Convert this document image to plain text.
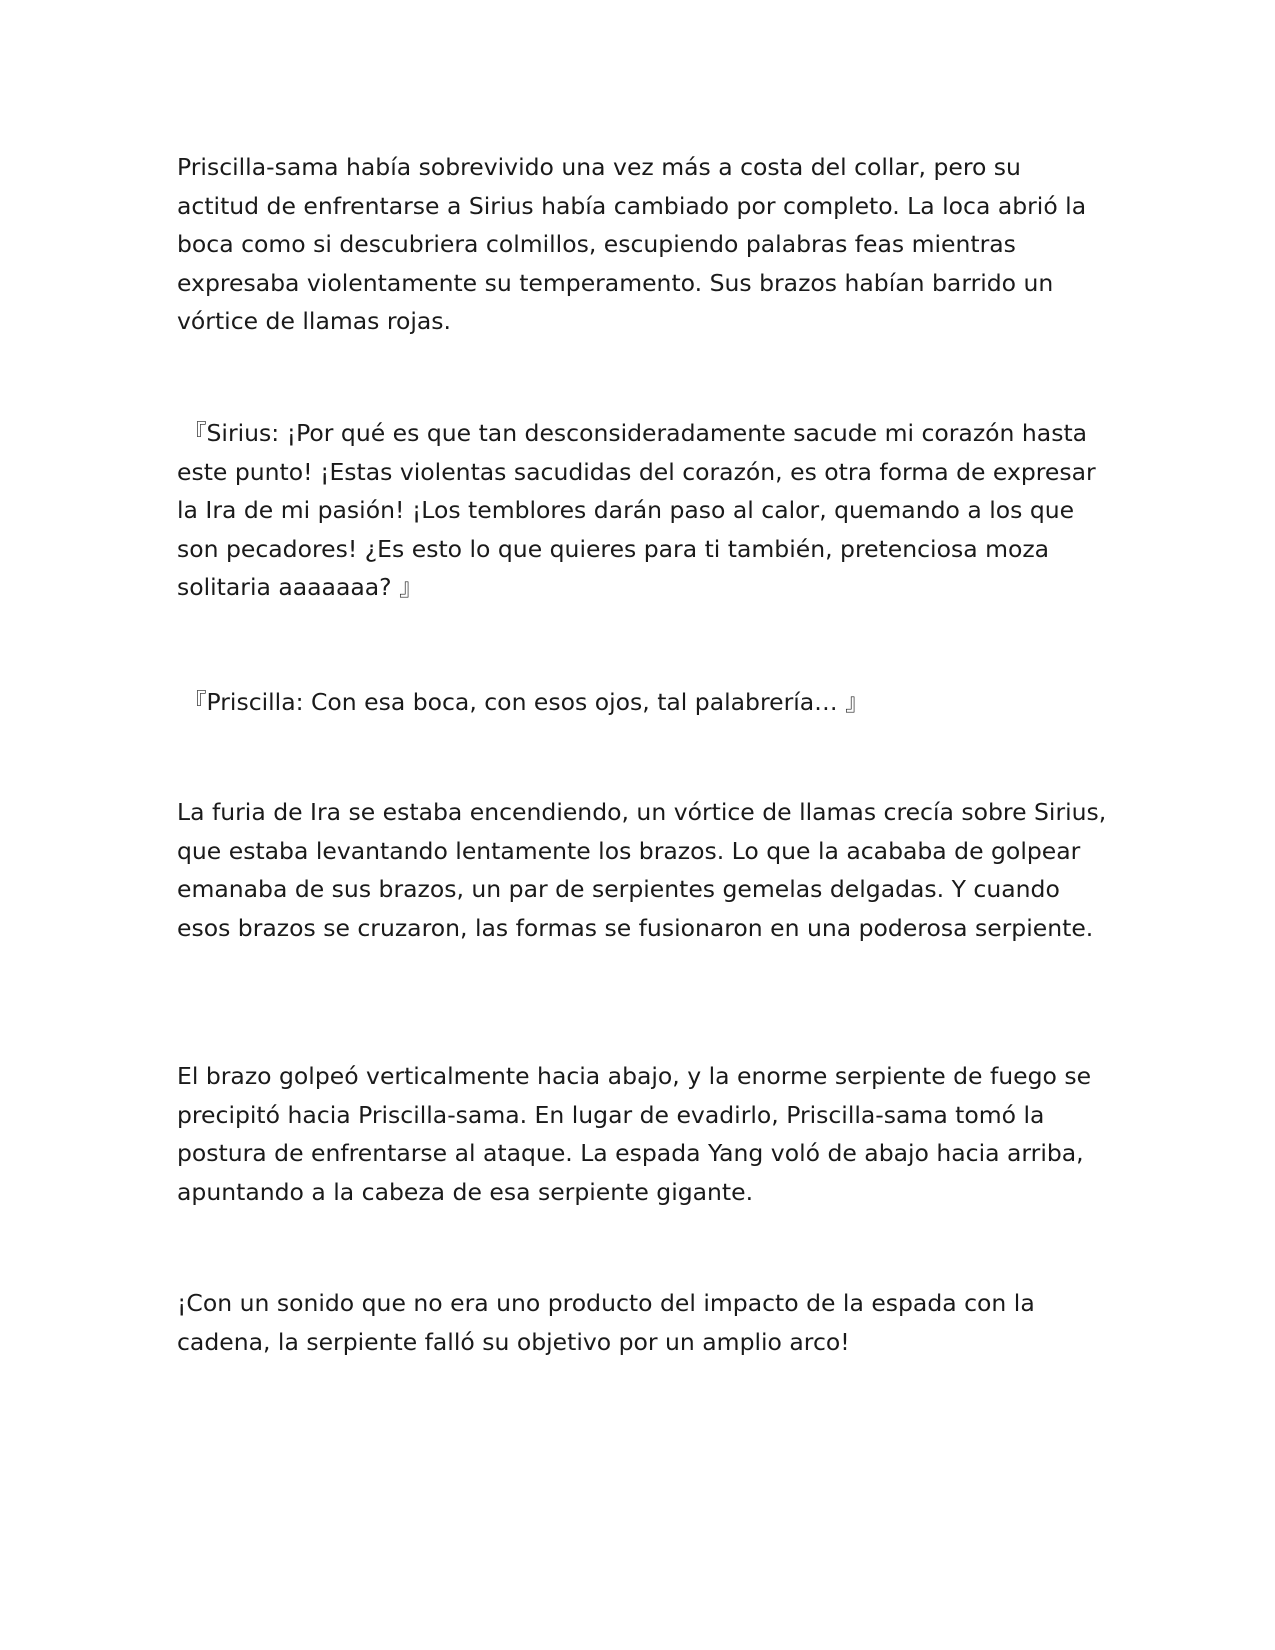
Priscilla-sama había sobrevivido una vez más a costa del collar, pero su actitud de enfrentarse a Sirius había cambiado por completo. La loca abrió la boca como si descubriera colmillos, escupiendo palabras feas mientras expresaba violentamente su temperamento. Sus brazos habían barrido un vórtice de llamas rojas.

『Sirius: ¡Por qué es que tan desconsideradamente sacude mi corazón hasta este punto! ¡Estas violentas sacudidas del corazón, es otra forma de expresar la Ira de mi pasión! ¡Los temblores darán paso al calor, quemando a los que son pecadores! ¿Es esto lo que quieres para ti también, pretenciosa moza solitaria aaaaaaa? 』

『Priscilla: Con esa boca, con esos ojos, tal palabrería… 』

La furia de Ira se estaba encendiendo, un vórtice de llamas crecía sobre Sirius, que estaba levantando lentamente los brazos. Lo que la acababa de golpear emanaba de sus brazos, un par de serpientes gemelas delgadas. Y cuando esos brazos se cruzaron, las formas se fusionaron en una poderosa serpiente.

El brazo golpeó verticalmente hacia abajo, y la enorme serpiente de fuego se precipitó hacia Priscilla-sama. En lugar de evadirlo, Priscilla-sama tomó la postura de enfrentarse al ataque. La espada Yang voló de abajo hacia arriba, apuntando a la cabeza de esa serpiente gigante.

¡Con un sonido que no era uno producto del impacto de la espada con la cadena, la serpiente falló su objetivo por un amplio arco!
